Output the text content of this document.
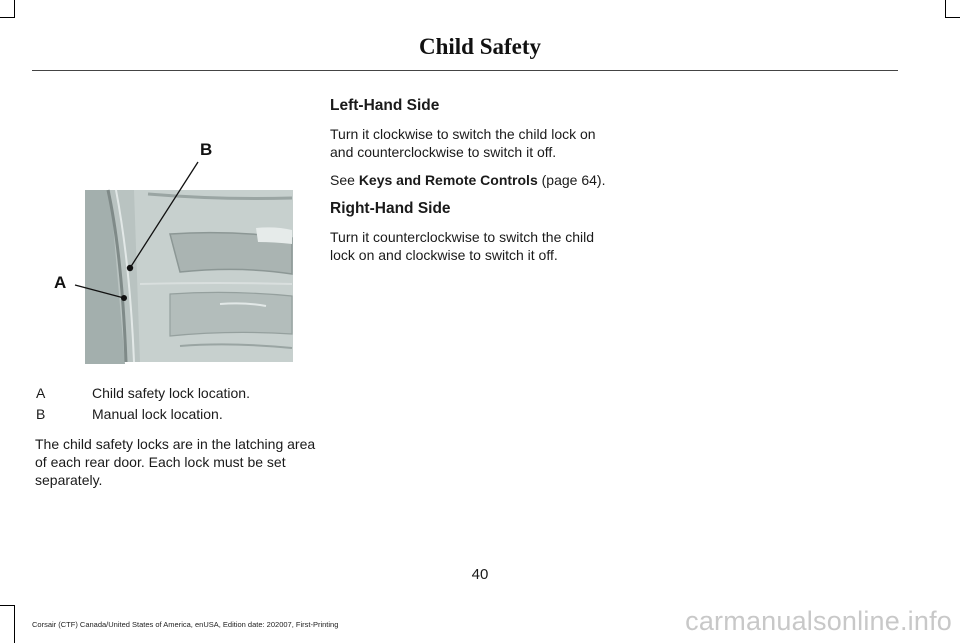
Child Safety
B
A
A	Child safety lock location.
B	Manual lock location.
The child safety locks are in the latching area of each rear door. Each lock must be set separately.
Left-Hand Side

Turn it clockwise to switch the child lock on and counterclockwise to switch it off.

See Keys and Remote Controls (page 64).

Right-Hand Side

Turn it counterclockwise to switch the child lock on and clockwise to switch it off.

40
Corsair (CTF) Canada/United States of America, enUSA, Edition date: 202007, First-Printing	carmanualsonline.info
